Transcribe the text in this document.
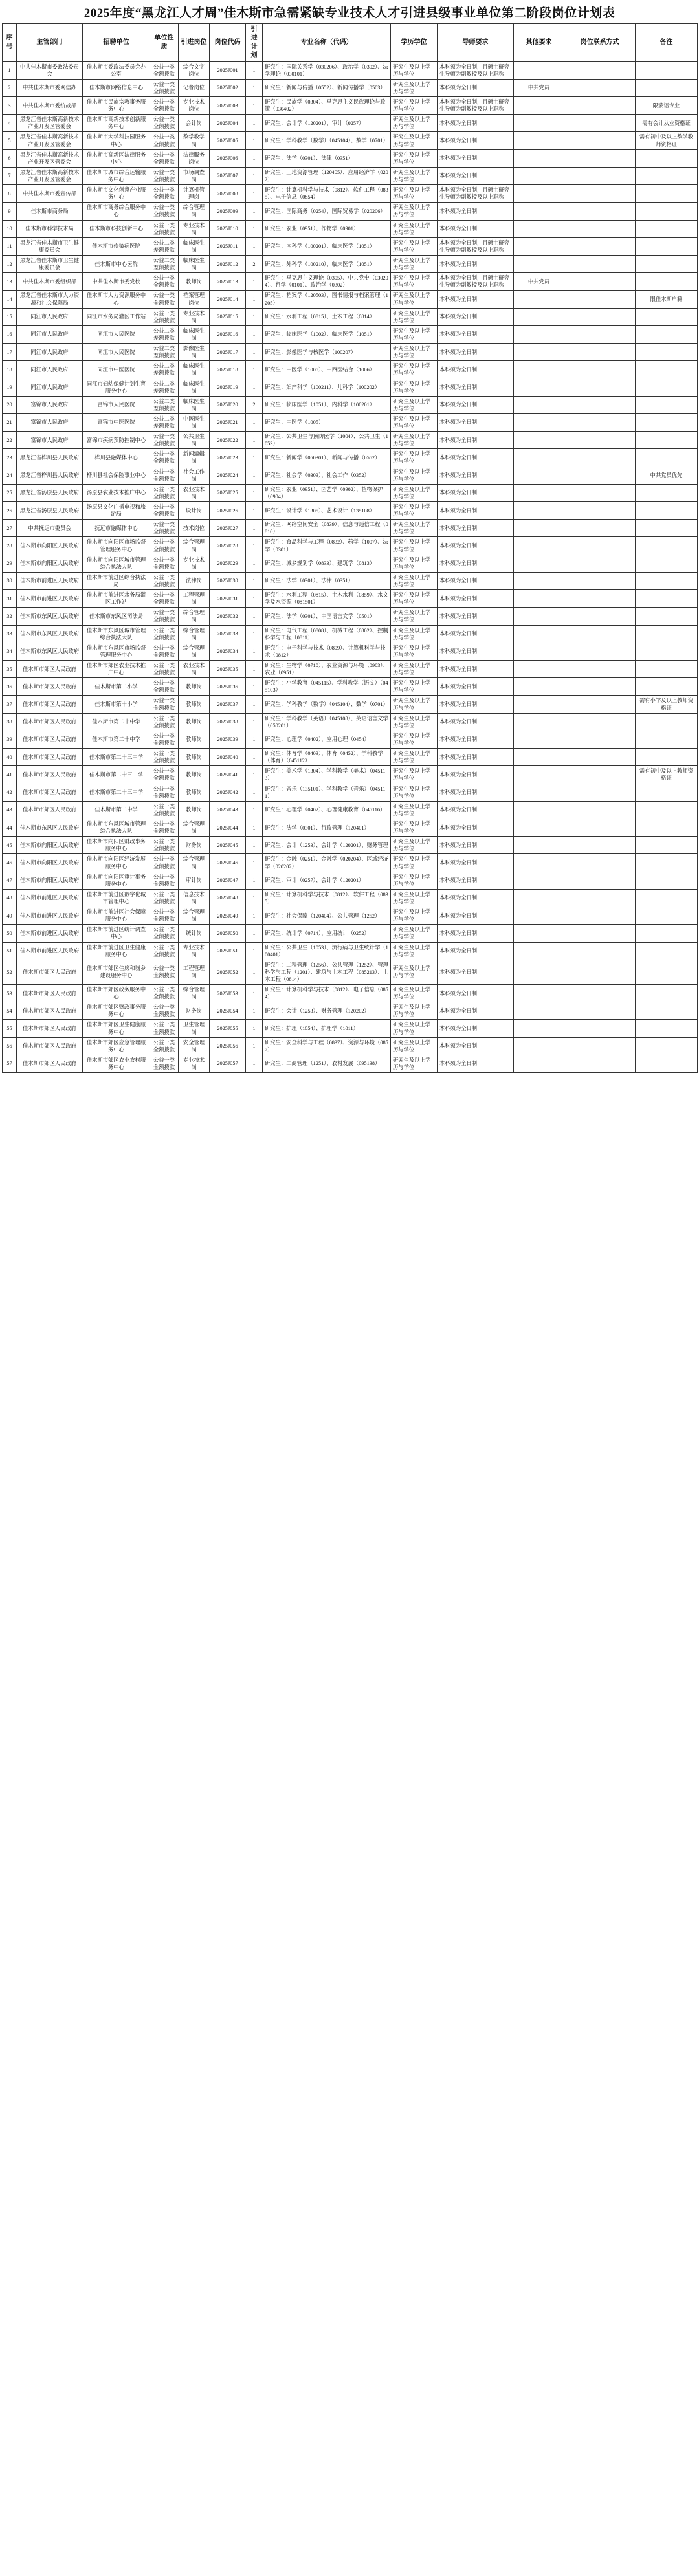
2025年度“黑龙江人才周”佳木斯市急需紧缺专业技术人才引进县级事业单位第二阶段岗位计划表
序号	主管部门	招聘单位	单位性质	引进岗位	岗位代码	引进计划	专业名称（代码）	学历学位	导师要求	其他要求	岗位联系方式	备注
1	中共佳木斯市委政法委员会	佳木斯市委政法委员会办公室	公益一类全额拨款	综合文字岗位	2025J001	1	研究生：国际关系学（030206）、政治学（0302）、法学理论（030101）	研究生及以上学历与学位	本科须为全日制，且硕士研究生导师为副教授及以上职称			
2	中共佳木斯市委网信办	佳木斯市网络信息中心	公益一类全额拨款	记者岗位	2025J002	1	研究生：新闻与传播（0552）、新闻传播学（0503）	研究生及以上学历与学位	本科须为全日制	中共党员		
3	中共佳木斯市委统战部	佳木斯市民族宗教事务服务中心	公益一类全额拨款	专业技术岗位	2025J003	1	研究生：民族学（0304）、马克思主义民族理论与政策（030402）	研究生及以上学历与学位	本科须为全日制，且硕士研究生导师为副教授及以上职称			限蒙语专业
4	黑龙江省佳木斯高新技术产业开发区管委会	佳木斯市高新技术创新服务中心	公益一类全额拨款	会计岗	2025J004	1	研究生：会计学（120201）、审计（0257）	研究生及以上学历与学位	本科须为全日制			需有会计从业资格证
5	黑龙江省佳木斯高新技术产业开发区管委会	佳木斯市大学科技园服务中心	公益一类全额拨款	数学教学岗	2025J005	1	研究生：学科教学（数学）（045104）、数学（0701）	研究生及以上学历与学位	本科须为全日制			需有初中及以上数学教师资格证
6	黑龙江省佳木斯高新技术产业开发区管委会	佳木斯市高新区法律服务中心	公益一类全额拨款	法律服务岗位	2025J006	1	研究生：法学（0301）、法律（0351）	研究生及以上学历与学位	本科须为全日制			
7	黑龙江省佳木斯高新技术产业开发区管委会	佳木斯市城市综合运输服务中心	公益一类全额拨款	市场调查岗	2025J007	1	研究生：土地资源管理（120405）、应用经济学（0202）	研究生及以上学历与学位	本科须为全日制			
8	中共佳木斯市委宣传部	佳木斯市文化创意产业服务中心	公益一类全额拨款	计算机管理岗	2025J008	1	研究生：计算机科学与技术（0812）、软件工程（0835）、电子信息（0854）	研究生及以上学历与学位	本科须为全日制，且硕士研究生导师为副教授及以上职称			
9	佳木斯市商务局	佳木斯市商务综合服务中心	公益一类全额拨款	综合管理岗	2025J009	1	研究生：国际商务（0254）、国际贸易学（020206）	研究生及以上学历与学位	本科须为全日制			
10	佳木斯市科学技术局	佳木斯市科技创新中心	公益一类全额拨款	专业技术岗	2025J010	1	研究生：农业（0951）、作物学（0901）	研究生及以上学历与学位	本科须为全日制			
11	黑龙江省佳木斯市卫生健康委员会	佳木斯市传染病医院	公益二类差额拨款	临床医生岗	2025J011	1	研究生：内科学（100201）、临床医学（1051）	研究生及以上学历与学位	本科须为全日制，且硕士研究生导师为副教授及以上职称			
12	黑龙江省佳木斯市卫生健康委员会	佳木斯市中心医院	公益二类差额拨款	临床医生岗	2025J012	2	研究生：外科学（100210）、临床医学（1051）	研究生及以上学历与学位	本科须为全日制			
13	中共佳木斯市委组织部	中共佳木斯市委党校	公益一类全额拨款	教师岗	2025J013	1	研究生：马克思主义理论（0305）、中共党史（030204）、哲学（0101）、政治学（0302）	研究生及以上学历与学位	本科须为全日制，且硕士研究生导师为副教授及以上职称	中共党员		
14	黑龙江省佳木斯市人力资源和社会保障局	佳木斯市人力资源服务中心	公益一类全额拨款	档案管理岗位	2025J014	1	研究生：档案学（120503）、图书情报与档案管理（1205）	研究生及以上学历与学位	本科须为全日制			限佳木斯户籍
15	同江市人民政府	同江市水务局灌区工作站	公益一类全额拨款	专业技术岗	2025J015	1	研究生：水利工程（0815）、土木工程（0814）	研究生及以上学历与学位	本科须为全日制			
16	同江市人民政府	同江市人民医院	公益二类差额拨款	临床医生岗	2025J016	1	研究生：临床医学（1002）、临床医学（1051）	研究生及以上学历与学位	本科须为全日制			
17	同江市人民政府	同江市人民医院	公益二类差额拨款	影像医生岗	2025J017	1	研究生：影像医学与核医学（100207）	研究生及以上学历与学位	本科须为全日制			
18	同江市人民政府	同江市中医医院	公益二类差额拨款	临床医生岗	2025J018	1	研究生：中医学（1005）、中西医结合（1006）	研究生及以上学历与学位	本科须为全日制			
19	同江市人民政府	同江市妇幼保健计划生育服务中心	公益二类差额拨款	临床医生岗	2025J019	1	研究生：妇产科学（100211）、儿科学（100202）	研究生及以上学历与学位	本科须为全日制			
20	富锦市人民政府	富锦市人民医院	公益二类差额拨款	临床医生岗	2025J020	2	研究生：临床医学（1051）、内科学（100201）	研究生及以上学历与学位	本科须为全日制			
21	富锦市人民政府	富锦市中医医院	公益二类差额拨款	中医医生岗	2025J021	1	研究生：中医学（1005）	研究生及以上学历与学位	本科须为全日制			
22	富锦市人民政府	富锦市疾病预防控制中心	公益一类全额拨款	公共卫生岗	2025J022	1	研究生：公共卫生与预防医学（1004）、公共卫生（1053）	研究生及以上学历与学位	本科须为全日制			
23	黑龙江省桦川县人民政府	桦川县融媒体中心	公益一类全额拨款	新闻编辑岗	2025J023	1	研究生：新闻学（050301）、新闻与传播（0552）	研究生及以上学历与学位	本科须为全日制			
24	黑龙江省桦川县人民政府	桦川县社会保险事业中心	公益一类全额拨款	社会工作岗	2025J024	1	研究生：社会学（0303）、社会工作（0352）	研究生及以上学历与学位	本科须为全日制			中共党员优先
25	黑龙江省汤原县人民政府	汤原县农业技术推广中心	公益一类全额拨款	农业技术岗	2025J025	1	研究生：农业（0951）、园艺学（0902）、植物保护（0904）	研究生及以上学历与学位	本科须为全日制			
26	黑龙江省汤原县人民政府	汤原县文化广播电视和旅游局	公益一类全额拨款	设计岗	2025J026	1	研究生：设计学（1305）、艺术设计（135108）	研究生及以上学历与学位	本科须为全日制			
27	中共抚远市委员会	抚远市融媒体中心	公益一类全额拨款	技术岗位	2025J027	1	研究生：网络空间安全（0839）、信息与通信工程（0810）	研究生及以上学历与学位	本科须为全日制			
28	佳木斯市向阳区人民政府	佳木斯市向阳区市场监督管理服务中心	公益一类全额拨款	综合管理岗	2025J028	1	研究生：食品科学与工程（0832）、药学（1007）、法学（0301）	研究生及以上学历与学位	本科须为全日制			
29	佳木斯市向阳区人民政府	佳木斯市向阳区城市管理综合执法大队	公益一类全额拨款	专业技术岗	2025J029	1	研究生：城乡规划学（0833）、建筑学（0813）	研究生及以上学历与学位	本科须为全日制			
30	佳木斯市前进区人民政府	佳木斯市前进区综合执法局	公益一类全额拨款	法律岗	2025J030	1	研究生：法学（0301）、法律（0351）	研究生及以上学历与学位	本科须为全日制			
31	佳木斯市前进区人民政府	佳木斯市前进区水务局灌区工作站	公益一类全额拨款	工程管理岗	2025J031	1	研究生：水利工程（0815）、土木水利（0859）、水文学及水资源（081501）	研究生及以上学历与学位	本科须为全日制			
32	佳木斯市东风区人民政府	佳木斯市东风区司法局	公益一类全额拨款	综合管理岗	2025J032	1	研究生：法学（0301）、中国语言文学（0501）	研究生及以上学历与学位	本科须为全日制			
33	佳木斯市东风区人民政府	佳木斯市东风区城市管理综合执法大队	公益一类全额拨款	综合管理岗	2025J033	1	研究生：电气工程（0808）、机械工程（0802）、控制科学与工程（0811）	研究生及以上学历与学位	本科须为全日制			
34	佳木斯市东风区人民政府	佳木斯市东风区市场监督管理服务中心	公益一类全额拨款	综合管理岗	2025J034	1	研究生：电子科学与技术（0809）、计算机科学与技术（0812）	研究生及以上学历与学位	本科须为全日制			
35	佳木斯市郊区人民政府	佳木斯市郊区农业技术推广中心	公益一类全额拨款	农业技术岗	2025J035	1	研究生：生物学（0710）、农业资源与环境（0903）、农业（0951）	研究生及以上学历与学位	本科须为全日制			
36	佳木斯市郊区人民政府	佳木斯市第二小学	公益一类全额拨款	教师岗	2025J036	1	研究生：小学教育（045115）、学科教学（语文）（045103）	研究生及以上学历与学位	本科须为全日制			
37	佳木斯市郊区人民政府	佳木斯市第十小学	公益一类全额拨款	教师岗	2025J037	1	研究生：学科教学（数学）（045104）、数学（0701）	研究生及以上学历与学位	本科须为全日制			需有小学及以上教师资格证
38	佳木斯市郊区人民政府	佳木斯市第二十中学	公益一类全额拨款	教师岗	2025J038	1	研究生：学科教学（英语）（045108）、英语语言文学（050201）	研究生及以上学历与学位	本科须为全日制			
39	佳木斯市郊区人民政府	佳木斯市第二十中学	公益一类全额拨款	教师岗	2025J039	1	研究生：心理学（0402）、应用心理（0454）	研究生及以上学历与学位	本科须为全日制			
40	佳木斯市郊区人民政府	佳木斯市第二十三中学	公益一类全额拨款	教师岗	2025J040	1	研究生：体育学（0403）、体育（0452）、学科教学（体育）（045112）	研究生及以上学历与学位	本科须为全日制			
41	佳木斯市郊区人民政府	佳木斯市第二十三中学	公益一类全额拨款	教师岗	2025J041	1	研究生：美术学（1304）、学科教学（美术）（045113）	研究生及以上学历与学位	本科须为全日制			需有初中及以上教师资格证
42	佳木斯市郊区人民政府	佳木斯市第二十三中学	公益一类全额拨款	教师岗	2025J042	1	研究生：音乐（135101）、学科教学（音乐）（045111）	研究生及以上学历与学位	本科须为全日制			
43	佳木斯市郊区人民政府	佳木斯市第二中学	公益一类全额拨款	教师岗	2025J043	1	研究生：心理学（0402）、心理健康教育（045116）	研究生及以上学历与学位	本科须为全日制			
44	佳木斯市东风区人民政府	佳木斯市东风区城市管理综合执法大队	公益一类全额拨款	综合管理岗	2025J044	1	研究生：法学（0301）、行政管理（120401）	研究生及以上学历与学位	本科须为全日制			
45	佳木斯市向阳区人民政府	佳木斯市向阳区财政事务服务中心	公益一类全额拨款	财务岗	2025J045	1	研究生：会计（1253）、会计学（120201）、财务管理	研究生及以上学历与学位	本科须为全日制			
46	佳木斯市向阳区人民政府	佳木斯市向阳区经济发展服务中心	公益一类全额拨款	综合管理岗	2025J046	1	研究生：金融（0251）、金融学（020204）、区域经济学（020202）	研究生及以上学历与学位	本科须为全日制			
47	佳木斯市向阳区人民政府	佳木斯市向阳区审计事务服务中心	公益一类全额拨款	审计岗	2025J047	1	研究生：审计（0257）、会计学（120201）	研究生及以上学历与学位	本科须为全日制			
48	佳木斯市前进区人民政府	佳木斯市前进区数字化城市管理中心	公益一类全额拨款	信息技术岗	2025J048	1	研究生：计算机科学与技术（0812）、软件工程（0835）	研究生及以上学历与学位	本科须为全日制			
49	佳木斯市前进区人民政府	佳木斯市前进区社会保障服务中心	公益一类全额拨款	综合管理岗	2025J049	1	研究生：社会保障（120404）、公共管理（1252）	研究生及以上学历与学位	本科须为全日制			
50	佳木斯市前进区人民政府	佳木斯市前进区统计调查中心	公益一类全额拨款	统计岗	2025J050	1	研究生：统计学（0714）、应用统计（0252）	研究生及以上学历与学位	本科须为全日制			
51	佳木斯市前进区人民政府	佳木斯市前进区卫生健康服务中心	公益一类全额拨款	专业技术岗	2025J051	1	研究生：公共卫生（1053）、流行病与卫生统计学（100401）	研究生及以上学历与学位	本科须为全日制			
52	佳木斯市郊区人民政府	佳木斯市郊区住房和城乡建设服务中心	公益一类全额拨款	工程管理岗	2025J052	1	研究生：工程管理（1256）、公共管理（1252）、管理科学与工程（1201）、建筑与土木工程（085213）、土木工程（0814）	研究生及以上学历与学位	本科须为全日制			
53	佳木斯市郊区人民政府	佳木斯市郊区政务服务中心	公益一类全额拨款	综合管理岗	2025J053	1	研究生：计算机科学与技术（0812）、电子信息（0854）	研究生及以上学历与学位	本科须为全日制			
54	佳木斯市郊区人民政府	佳木斯市郊区财政事务服务中心	公益一类全额拨款	财务岗	2025J054	1	研究生：会计（1253）、财务管理（120202）	研究生及以上学历与学位	本科须为全日制			
55	佳木斯市郊区人民政府	佳木斯市郊区卫生健康服务中心	公益一类全额拨款	卫生管理岗	2025J055	1	研究生：护理（1054）、护理学（1011）	研究生及以上学历与学位	本科须为全日制			
56	佳木斯市郊区人民政府	佳木斯市郊区应急管理服务中心	公益一类全额拨款	安全管理岗	2025J056	1	研究生：安全科学与工程（0837）、资源与环境（0857）	研究生及以上学历与学位	本科须为全日制			
57	佳木斯市郊区人民政府	佳木斯市郊区农业农村服务中心	公益一类全额拨款	专业技术岗	2025J057	1	研究生：工商管理（1251）、农村发展（095138）	研究生及以上学历与学位	本科须为全日制			
